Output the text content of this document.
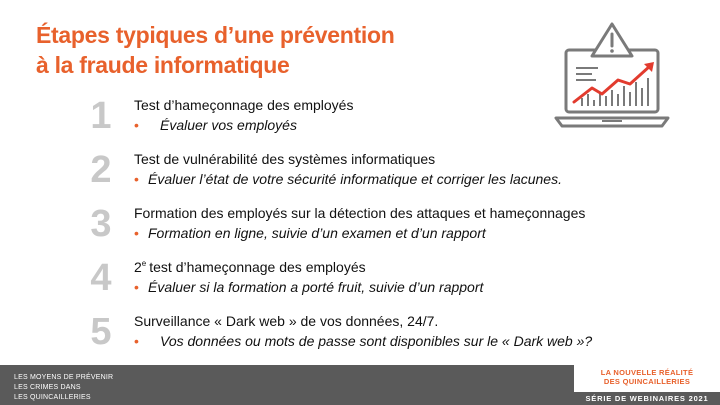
Étapes typiques d’une prévention
à la fraude informatique
1 Test d’hameçonnage des employés
• Évaluer vos employés
2 Test de vulnérabilité des systèmes informatiques
• Évaluer l’état de votre sécurité informatique et corriger les lacunes.
3 Formation des employés sur la détection des attaques et hameçonnages
• Formation en ligne, suivie d’un examen et d’un rapport
4 2e test d’hameçonnage des employés
• Évaluer si la formation a porté fruit, suivie d’un rapport
5 Surveillance « Dark web » de vos données, 24/7.
• Vos données ou mots de passe sont disponibles sur le « Dark web »?
LES MOYENS DE PRÉVENIR
LES CRIMES DANS
LES QUINCAILLERIES
LA NOUVELLE RÉALITÉ
DES QUINCAILLERIES
SÉRIE DE WEBINAIRES 2021
